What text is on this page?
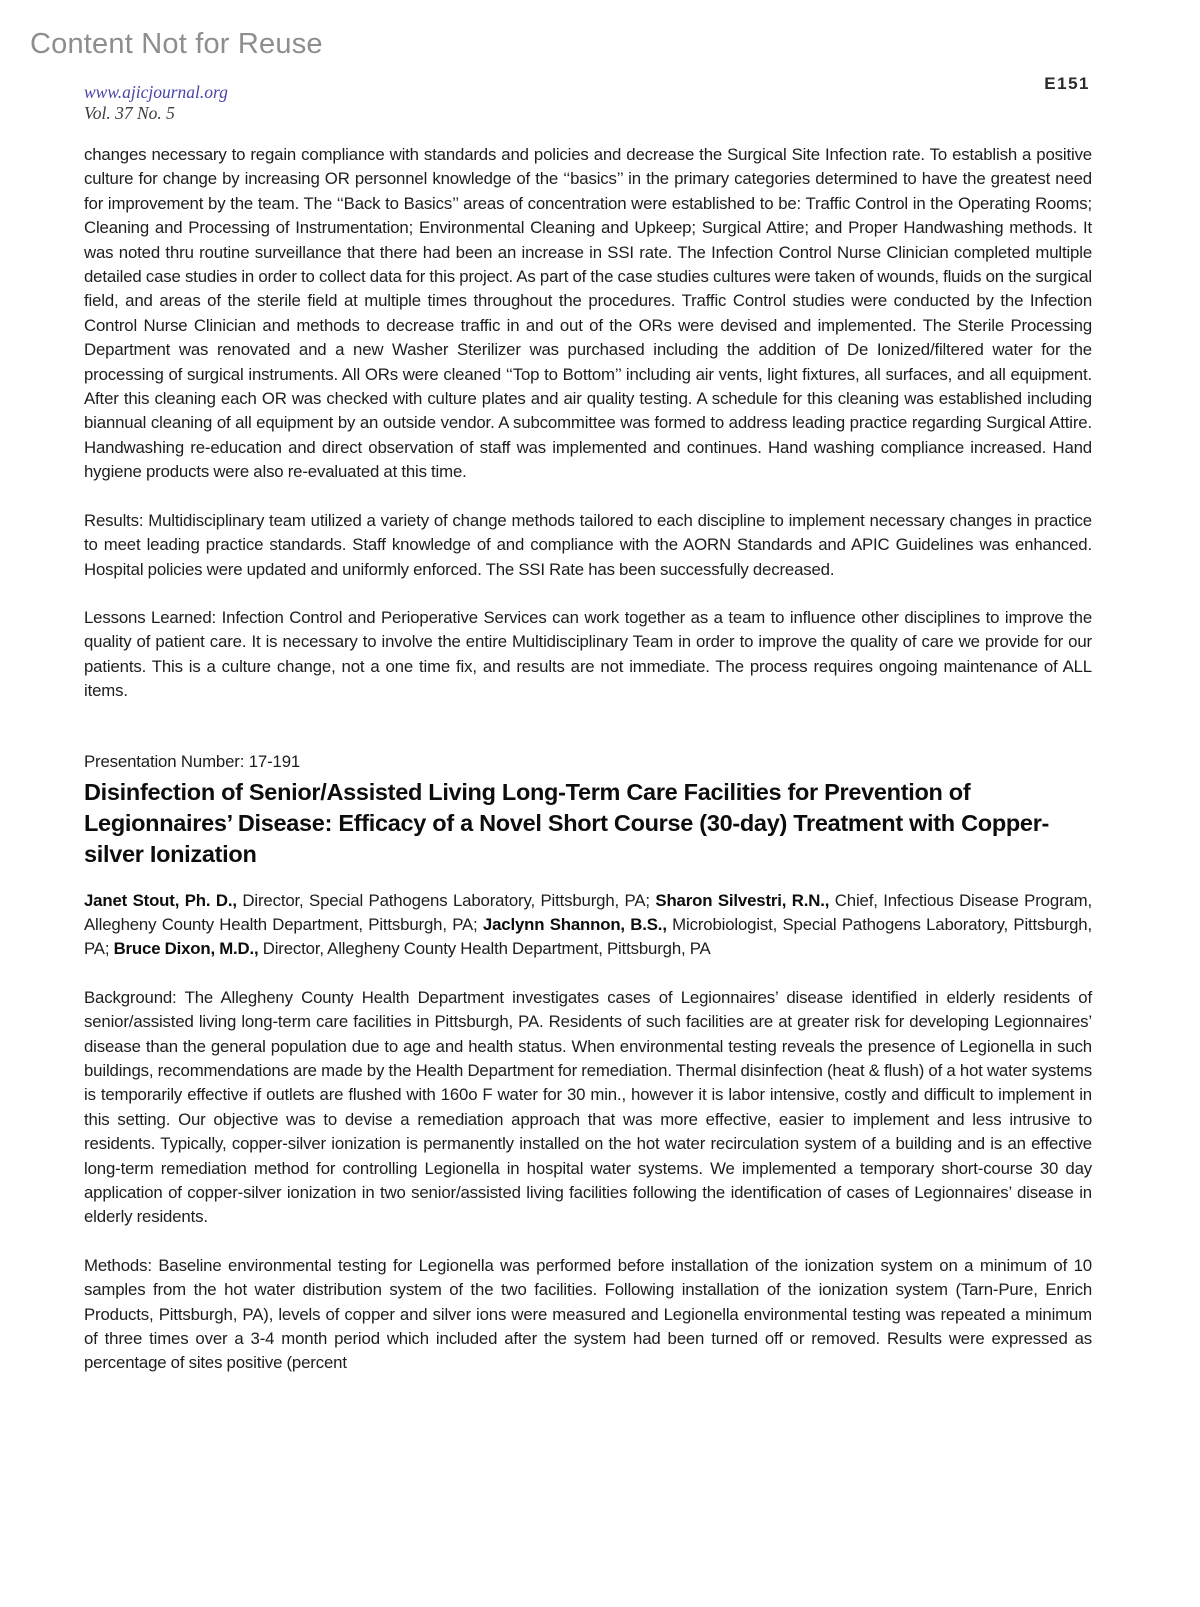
Content Not for Reuse
E151
www.ajicjournal.org
Vol. 37 No. 5

changes necessary to regain compliance with standards and policies and decrease the Surgical Site Infection rate. To establish a positive culture for change by increasing OR personnel knowledge of the ‘‘basics’’ in the primary categories determined to have the greatest need for improvement by the team. The ‘‘Back to Basics’’ areas of concentration were established to be: Traffic Control in the Operating Rooms; Cleaning and Processing of Instrumentation; Environmental Cleaning and Upkeep; Surgical Attire; and Proper Handwashing methods. It was noted thru routine surveillance that there had been an increase in SSI rate. The Infection Control Nurse Clinician completed multiple detailed case studies in order to collect data for this project. As part of the case studies cultures were taken of wounds, fluids on the surgical field, and areas of the sterile field at multiple times throughout the procedures. Traffic Control studies were conducted by the Infection Control Nurse Clinician and methods to decrease traffic in and out of the ORs were devised and implemented. The Sterile Processing Department was renovated and a new Washer Sterilizer was purchased including the addition of De Ionized/filtered water for the processing of surgical instruments. All ORs were cleaned ‘‘Top to Bottom’’ including air vents, light fixtures, all surfaces, and all equipment. After this cleaning each OR was checked with culture plates and air quality testing. A schedule for this cleaning was established including biannual cleaning of all equipment by an outside vendor. A subcommittee was formed to address leading practice regarding Surgical Attire. Handwashing re-education and direct observation of staff was implemented and continues. Hand washing compliance increased. Hand hygiene products were also re-evaluated at this time.

Results: Multidisciplinary team utilized a variety of change methods tailored to each discipline to implement necessary changes in practice to meet leading practice standards. Staff knowledge of and compliance with the AORN Standards and APIC Guidelines was enhanced. Hospital policies were updated and uniformly enforced. The SSI Rate has been successfully decreased.

Lessons Learned: Infection Control and Perioperative Services can work together as a team to influence other disciplines to improve the quality of patient care. It is necessary to involve the entire Multidisciplinary Team in order to improve the quality of care we provide for our patients. This is a culture change, not a one time fix, and results are not immediate. The process requires ongoing maintenance of ALL items.

Presentation Number: 17-191
Disinfection of Senior/Assisted Living Long-Term Care Facilities for Prevention of Legionnaires’ Disease: Efficacy of a Novel Short Course (30-day) Treatment with Copper-silver Ionization

Janet Stout, Ph. D., Director, Special Pathogens Laboratory, Pittsburgh, PA; Sharon Silvestri, R.N., Chief, Infectious Disease Program, Allegheny County Health Department, Pittsburgh, PA; Jaclynn Shannon, B.S., Microbiologist, Special Pathogens Laboratory, Pittsburgh, PA; Bruce Dixon, M.D., Director, Allegheny County Health Department, Pittsburgh, PA

Background: The Allegheny County Health Department investigates cases of Legionnaires’ disease identified in elderly residents of senior/assisted living long-term care facilities in Pittsburgh, PA. Residents of such facilities are at greater risk for developing Legionnaires’ disease than the general population due to age and health status. When environmental testing reveals the presence of Legionella in such buildings, recommendations are made by the Health Department for remediation. Thermal disinfection (heat & flush) of a hot water systems is temporarily effective if outlets are flushed with 160o F water for 30 min., however it is labor intensive, costly and difficult to implement in this setting. Our objective was to devise a remediation approach that was more effective, easier to implement and less intrusive to residents. Typically, copper-silver ionization is permanently installed on the hot water recirculation system of a building and is an effective long-term remediation method for controlling Legionella in hospital water systems. We implemented a temporary short-course 30 day application of copper-silver ionization in two senior/assisted living facilities following the identification of cases of Legionnaires’ disease in elderly residents.

Methods: Baseline environmental testing for Legionella was performed before installation of the ionization system on a minimum of 10 samples from the hot water distribution system of the two facilities. Following installation of the ionization system (Tarn-Pure, Enrich Products, Pittsburgh, PA), levels of copper and silver ions were measured and Legionella environmental testing was repeated a minimum of three times over a 3-4 month period which included after the system had been turned off or removed. Results were expressed as percentage of sites positive (percent
